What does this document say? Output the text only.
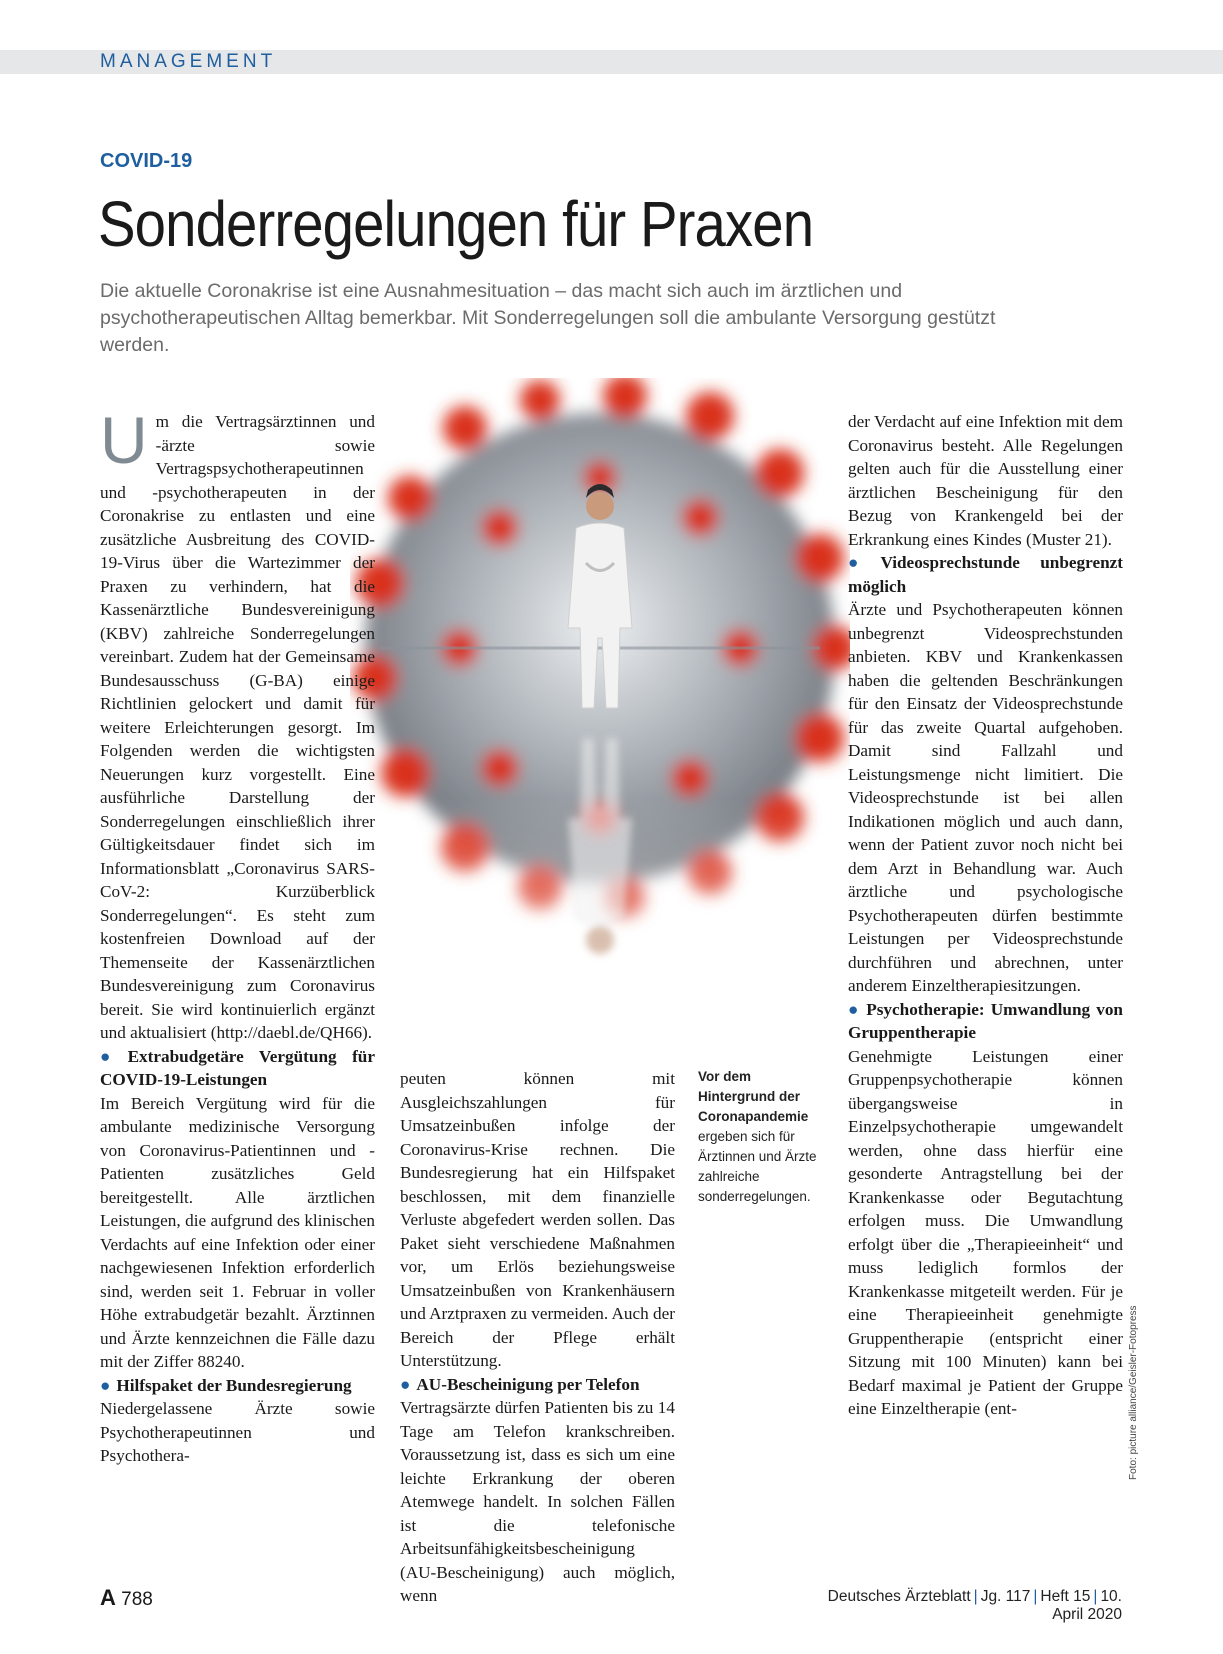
MANAGEMENT
COVID-19
Sonderregelungen für Praxen
Die aktuelle Coronakrise ist eine Ausnahmesituation – das macht sich auch im ärztlichen und psychotherapeutischen Alltag bemerkbar. Mit Sonderregelungen soll die ambulante Versorgung gestützt werden.

Um die Vertragsärztinnen und -ärzte sowie Vertragspsychotherapeutinnen und -psychotherapeuten in der Coronakrise zu entlasten und eine zusätzliche Ausbreitung des COVID-19-Virus über die Wartezimmer der Praxen zu verhindern, hat die Kassenärztliche Bundesvereinigung (KBV) zahlreiche Sonderregelungen vereinbart. Zudem hat der Gemeinsame Bundesausschuss (G-BA) einige Richtlinien gelockert und damit für weitere Erleichterungen gesorgt. Im Folgenden werden die wichtigsten Neuerungen kurz vorgestellt. Eine ausführliche Darstellung der Sonderregelungen einschließlich ihrer Gültigkeitsdauer findet sich im Informationsblatt „Coronavirus SARS-CoV-2: Kurzüberblick Sonderregelungen“. Es steht zum kostenfreien Download auf der Themenseite der Kassenärztlichen Bundesvereinigung zum Coronavirus bereit. Sie wird kontinuierlich ergänzt und aktualisiert (http://daebl.de/QH66).

● Extrabudgetäre Vergütung für COVID-19-Leistungen

Im Bereich Vergütung wird für die ambulante medizinische Versorgung von Coronavirus-Patientinnen und -Patienten zusätzliches Geld bereitgestellt. Alle ärztlichen Leistungen, die aufgrund des klinischen Verdachts auf eine Infektion oder einer nachgewiesenen Infektion erforderlich sind, werden seit 1. Februar in voller Höhe extrabudgetär bezahlt. Ärztinnen und Ärzte kennzeichnen die Fälle dazu mit der Ziffer 88240.

● Hilfspaket der Bundesregierung

Niedergelassene Ärzte sowie Psychotherapeutinnen und Psychothera-

peuten können mit Ausgleichszahlungen für Umsatzeinbußen infolge der Coronavirus-Krise rechnen. Die Bundesregierung hat ein Hilfspaket beschlossen, mit dem finanzielle Verluste abgefedert werden sollen. Das Paket sieht verschiedene Maßnahmen vor, um Erlös beziehungsweise Umsatzeinbußen von Krankenhäusern und Arztpraxen zu vermeiden. Auch der Bereich der Pflege erhält Unterstützung.

● AU-Bescheinigung per Telefon

Vertragsärzte dürfen Patienten bis zu 14 Tage am Telefon krankschreiben. Voraussetzung ist, dass es sich um eine leichte Erkrankung der oberen Atemwege handelt. In solchen Fällen ist die telefonische Arbeitsunfähigkeitsbescheinigung (AU-Bescheinigung) auch möglich, wenn

Vor dem Hintergrund der Coronapandemie ergeben sich für Ärztinnen und Ärzte zahlreiche sonderregelungen.

der Verdacht auf eine Infektion mit dem Coronavirus besteht. Alle Regelungen gelten auch für die Ausstellung einer ärztlichen Bescheinigung für den Bezug von Krankengeld bei der Erkrankung eines Kindes (Muster 21).

● Videosprechstunde unbegrenzt möglich

Ärzte und Psychotherapeuten können unbegrenzt Videosprechstunden anbieten. KBV und Krankenkassen haben die geltenden Beschränkungen für den Einsatz der Videosprechstunde für das zweite Quartal aufgehoben. Damit sind Fallzahl und Leistungsmenge nicht limitiert. Die Videosprechstunde ist bei allen Indikationen möglich und auch dann, wenn der Patient zuvor noch nicht bei dem Arzt in Behandlung war. Auch ärztliche und psychologische Psychotherapeuten dürfen bestimmte Leistungen per Videosprechstunde durchführen und abrechnen, unter anderem Einzeltherapiesitzungen.

● Psychotherapie: Umwandlung von Gruppentherapie

Genehmigte Leistungen einer Gruppenpsychotherapie können übergangsweise in Einzelpsychotherapie umgewandelt werden, ohne dass hierfür eine gesonderte Antragstellung bei der Krankenkasse oder Begutachtung erfolgen muss. Die Umwandlung erfolgt über die „Therapieeinheit“ und muss lediglich formlos der Krankenkasse mitgeteilt werden. Für je eine Therapieeinheit genehmigte Gruppentherapie (entspricht einer Sitzung mit 100 Minuten) kann bei Bedarf maximal je Patient der Gruppe eine Einzeltherapie (ent-	Foto: picture alliance/Geisler-Fotopress
A 788	Deutsches Ärzteblatt | Jg. 117 | Heft 15 | 10. April 2020
